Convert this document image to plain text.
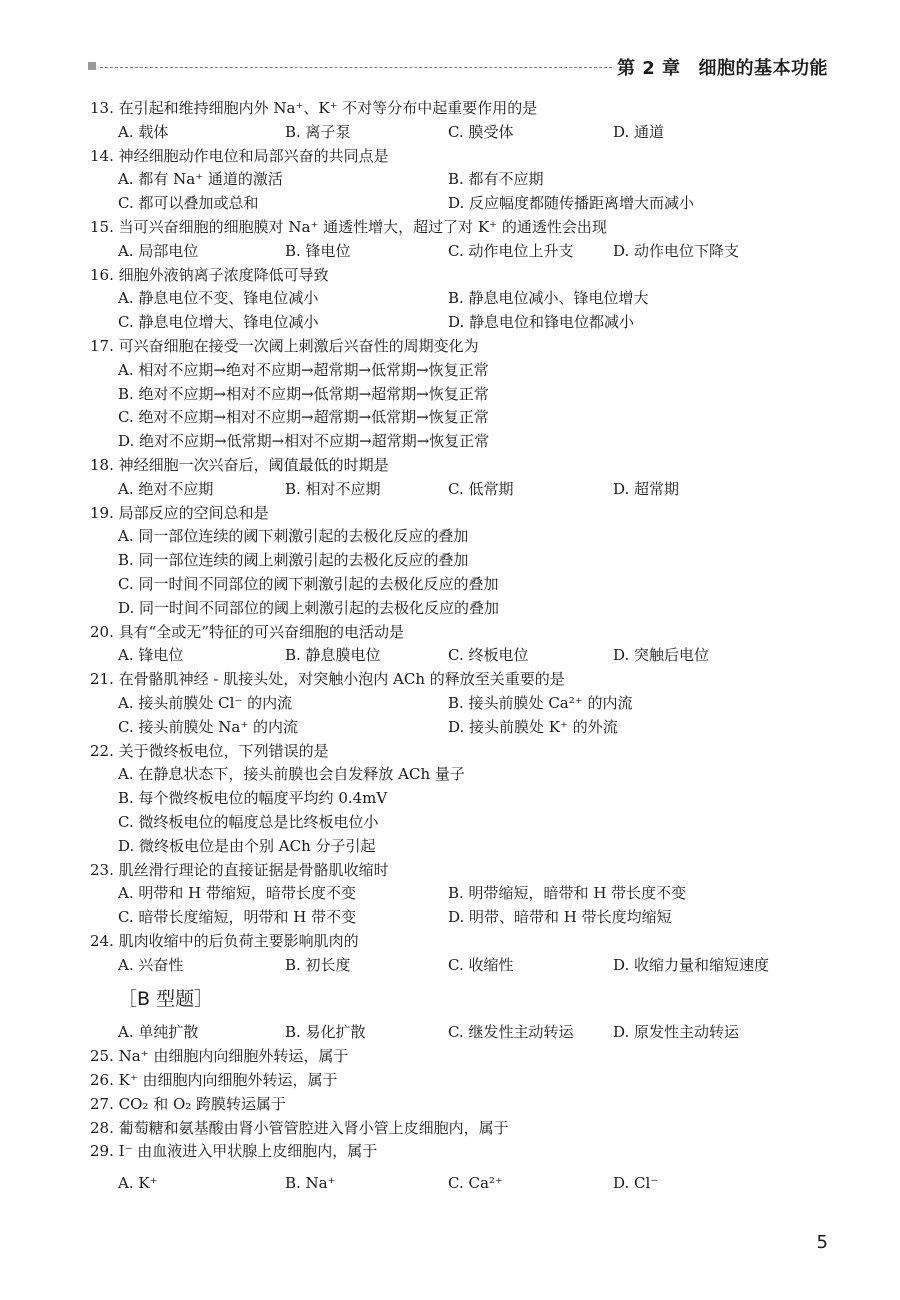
第 2 章 细胞的基本功能
13. 在引起和维持细胞内外 Na⁺、K⁺ 不对等分布中起重要作用的是
A. 载体	B. 离子泵	C. 膜受体	D. 通道
14. 神经细胞动作电位和局部兴奋的共同点是
A. 都有 Na⁺ 通道的激活	B. 都有不应期
C. 都可以叠加或总和	D. 反应幅度都随传播距离增大而减小
15. 当可兴奋细胞的细胞膜对 Na⁺ 通透性增大，超过了对 K⁺ 的通透性会出现
A. 局部电位	B. 锋电位	C. 动作电位上升支	D. 动作电位下降支
16. 细胞外液钠离子浓度降低可导致
A. 静息电位不变、锋电位减小	B. 静息电位减小、锋电位增大
C. 静息电位增大、锋电位减小	D. 静息电位和锋电位都减小
17. 可兴奋细胞在接受一次阈上刺激后兴奋性的周期变化为
A. 相对不应期→绝对不应期→超常期→低常期→恢复正常
B. 绝对不应期→相对不应期→低常期→超常期→恢复正常
C. 绝对不应期→相对不应期→超常期→低常期→恢复正常
D. 绝对不应期→低常期→相对不应期→超常期→恢复正常
18. 神经细胞一次兴奋后，阈值最低的时期是
A. 绝对不应期	B. 相对不应期	C. 低常期	D. 超常期
19. 局部反应的空间总和是
A. 同一部位连续的阈下刺激引起的去极化反应的叠加
B. 同一部位连续的阈上刺激引起的去极化反应的叠加
C. 同一时间不同部位的阈下刺激引起的去极化反应的叠加
D. 同一时间不同部位的阈上刺激引起的去极化反应的叠加
20. 具有“全或无”特征的可兴奋细胞的电活动是
A. 锋电位	B. 静息膜电位	C. 终板电位	D. 突触后电位
21. 在骨骼肌神经 - 肌接头处，对突触小泡内 ACh 的释放至关重要的是
A. 接头前膜处 Cl⁻ 的内流	B. 接头前膜处 Ca²⁺ 的内流
C. 接头前膜处 Na⁺ 的内流	D. 接头前膜处 K⁺ 的外流
22. 关于微终板电位，下列错误的是
A. 在静息状态下，接头前膜也会自发释放 ACh 量子
B. 每个微终板电位的幅度平均约 0.4mV
C. 微终板电位的幅度总是比终板电位小
D. 微终板电位是由个别 ACh 分子引起
23. 肌丝滑行理论的直接证据是骨骼肌收缩时
A. 明带和 H 带缩短，暗带长度不变	B. 明带缩短，暗带和 H 带长度不变
C. 暗带长度缩短，明带和 H 带不变	D. 明带、暗带和 H 带长度均缩短
24. 肌肉收缩中的后负荷主要影响肌肉的
A. 兴奋性	B. 初长度	C. 收缩性	D. 收缩力量和缩短速度
［B 型题］
A. 单纯扩散	B. 易化扩散	C. 继发性主动转运	D. 原发性主动转运
25. Na⁺ 由细胞内向细胞外转运，属于
26. K⁺ 由细胞内向细胞外转运，属于
27. CO₂ 和 O₂ 跨膜转运属于
28. 葡萄糖和氨基酸由肾小管管腔进入肾小管上皮细胞内，属于
29. I⁻ 由血液进入甲状腺上皮细胞内，属于
A. K⁺	B. Na⁺	C. Ca²⁺	D. Cl⁻
5
